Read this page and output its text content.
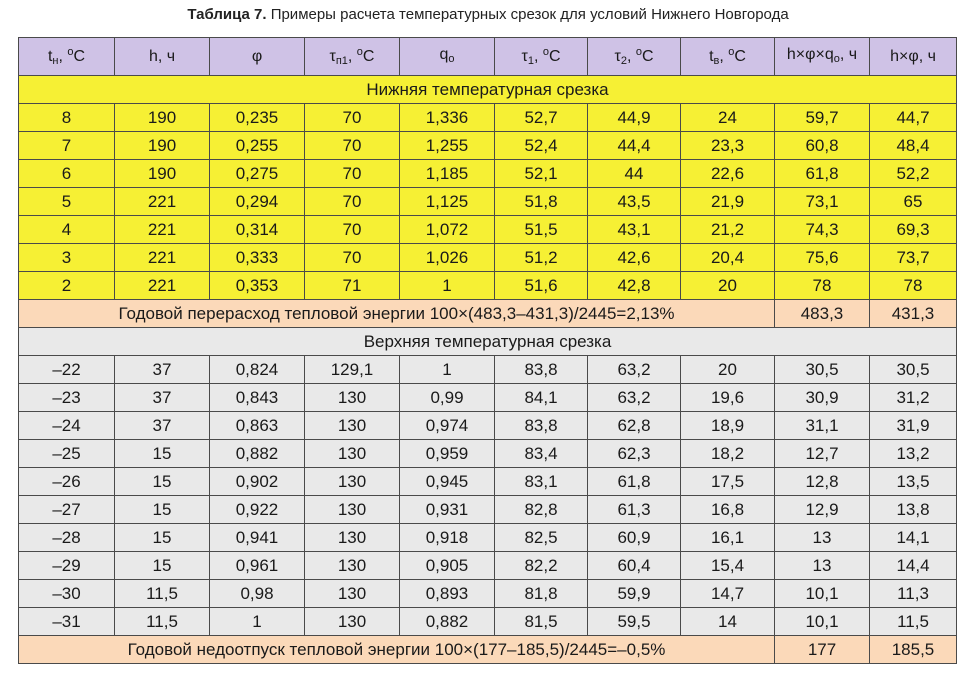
Таблица 7. Примеры расчета температурных срезок для условий Нижнего Новгорода
$t_н$, $^o$C	h, ч	φ	$\tau_{п1}$, $^o$C	$q_o$	$\tau_1$, $^o$C	$\tau_2$, $^o$C	$t_в$, $^o$C	$h\times\varphi\times q_o$, ч	h×φ, ч
Нижняя температурная срезка									
8	190	0,235	70	1,336	52,7	44,9	24	59,7	44,7
7	190	0,255	70	1,255	52,4	44,4	23,3	60,8	48,4
6	190	0,275	70	1,185	52,1	44	22,6	61,8	52,2
5	221	0,294	70	1,125	51,8	43,5	21,9	73,1	65
4	221	0,314	70	1,072	51,5	43,1	21,2	74,3	69,3
3	221	0,333	70	1,026	51,2	42,6	20,4	75,6	73,7
2	221	0,353	71	1	51,6	42,8	20	78	78
Годовой перерасход тепловой энергии 100×(483,3–431,3)/2445=2,13%								483,3	431,3
Верхняя температурная срезка									
–22	37	0,824	129,1	1	83,8	63,2	20	30,5	30,5
–23	37	0,843	130	0,99	84,1	63,2	19,6	30,9	31,2
–24	37	0,863	130	0,974	83,8	62,8	18,9	31,1	31,9
–25	15	0,882	130	0,959	83,4	62,3	18,2	12,7	13,2
–26	15	0,902	130	0,945	83,1	61,8	17,5	12,8	13,5
–27	15	0,922	130	0,931	82,8	61,3	16,8	12,9	13,8
–28	15	0,941	130	0,918	82,5	60,9	16,1	13	14,1
–29	15	0,961	130	0,905	82,2	60,4	15,4	13	14,4
–30	11,5	0,98	130	0,893	81,8	59,9	14,7	10,1	11,3
–31	11,5	1	130	0,882	81,5	59,5	14	10,1	11,5
Годовой недоотпуск тепловой энергии 100×(177–185,5)/2445=–0,5%								177	185,5
